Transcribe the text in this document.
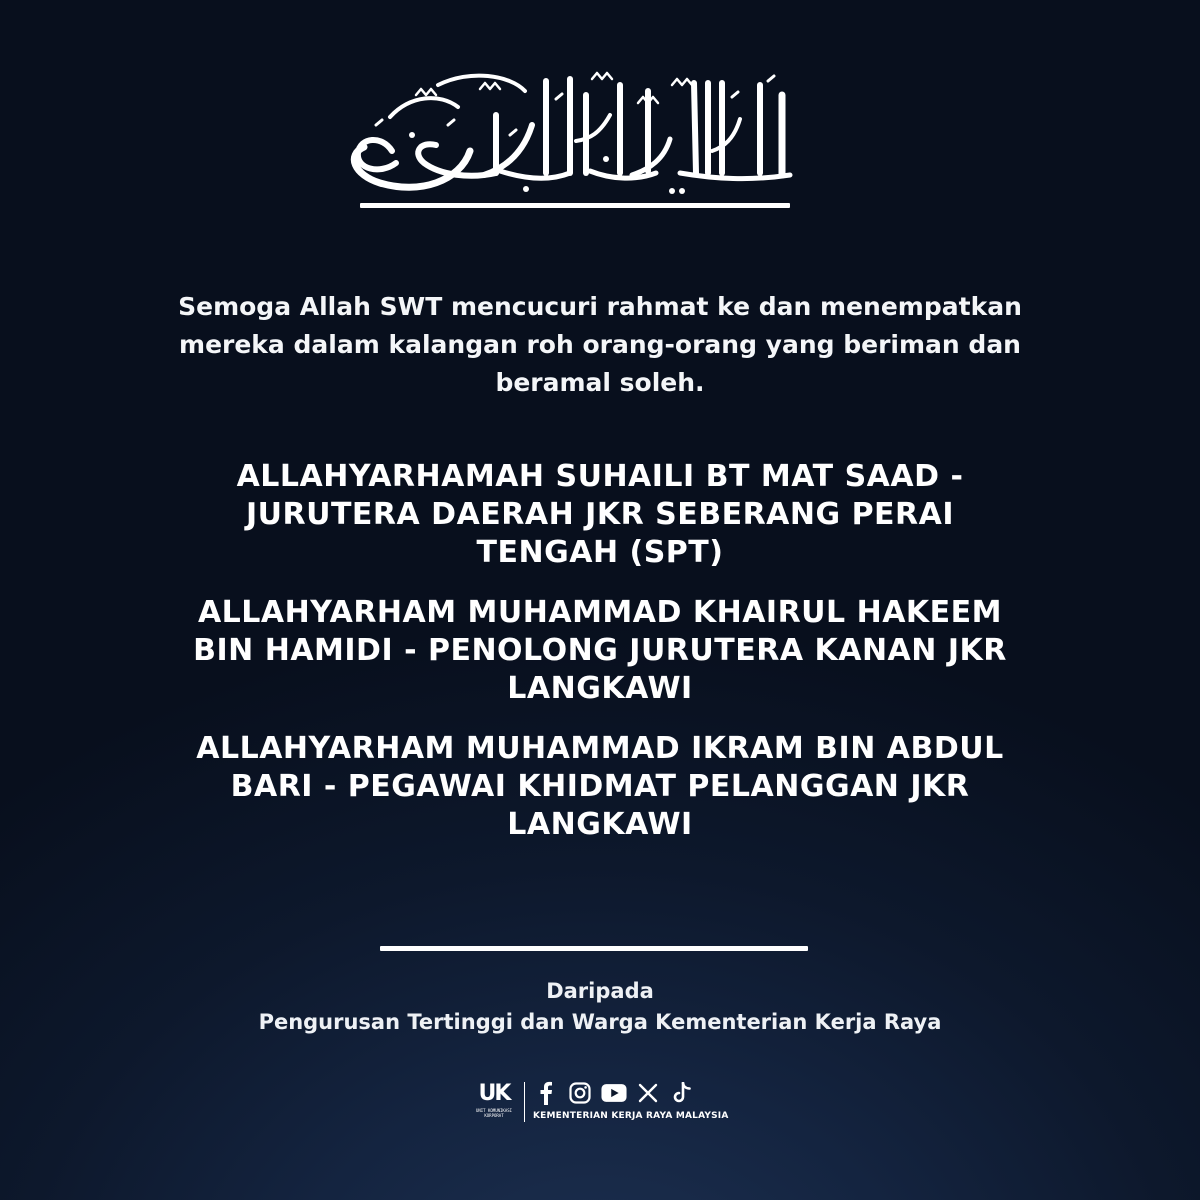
Semoga Allah SWT mencucuri rahmat ke dan menempatkan
mereka dalam kalangan roh orang-orang yang beriman dan
beramal soleh.
ALLAHYARHAMAH SUHAILI BT MAT SAAD -
JURUTERA DAERAH JKR SEBERANG PERAI
TENGAH (SPT)
ALLAHYARHAM MUHAMMAD KHAIRUL HAKEEM
BIN HAMIDI - PENOLONG JURUTERA KANAN JKR
LANGKAWI
ALLAHYARHAM MUHAMMAD IKRAM BIN ABDUL
BARI - PEGAWAI KHIDMAT PELANGGAN JKR
LANGKAWI
Daripada
Pengurusan Tertinggi dan Warga Kementerian Kerja Raya
UK
UNIT KOMUNIKASI KORPORAT	KEMENTERIAN KERJA RAYA MALAYSIA
